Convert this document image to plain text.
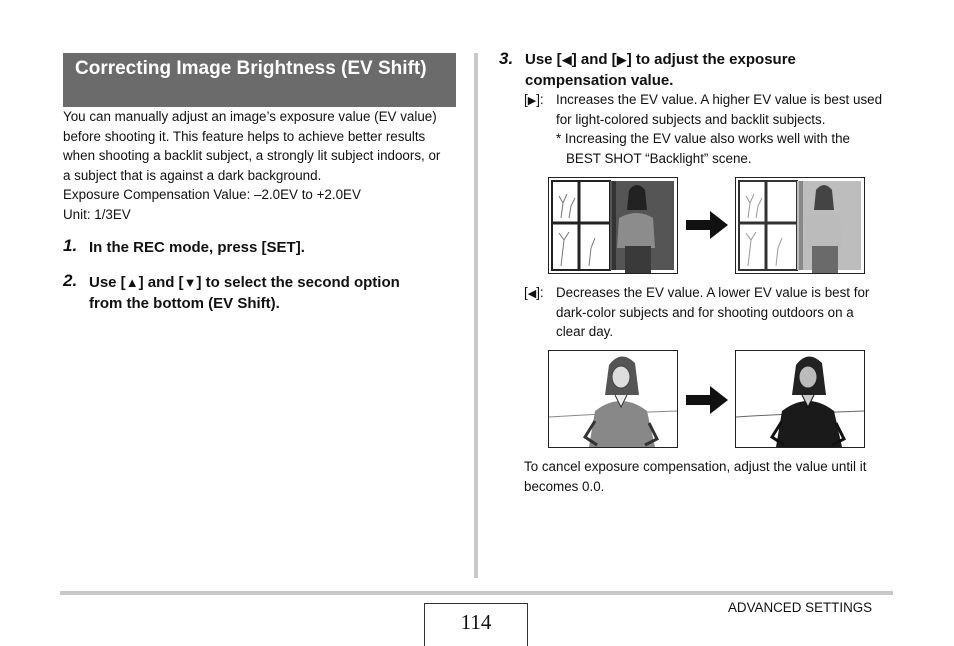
Correcting Image Brightness (EV Shift)
You can manually adjust an image’s exposure value (EV value)
before shooting it. This feature helps to achieve better results
when shooting a backlit subject, a strongly lit subject indoors, or
a subject that is against a dark background.
Exposure Compensation Value: –2.0EV to +2.0EV
Unit: 1/3EV
1. In the REC mode, press [SET].
2. Use [▲] and [▼] to select the second option
from the bottom (EV Shift).
3. Use [◀] and [▶] to adjust the exposure
compensation value.
[▶]: Increases the EV value. A higher EV value is best used
for light-colored subjects and backlit subjects.
* Increasing the EV value also works well with the
BEST SHOT “Backlight” scene.
[◀]: Decreases the EV value. A lower EV value is best for
dark-color subjects and for shooting outdoors on a
clear day.
To cancel exposure compensation, adjust the value until it
becomes 0.0.
ADVANCED SETTINGS
114
